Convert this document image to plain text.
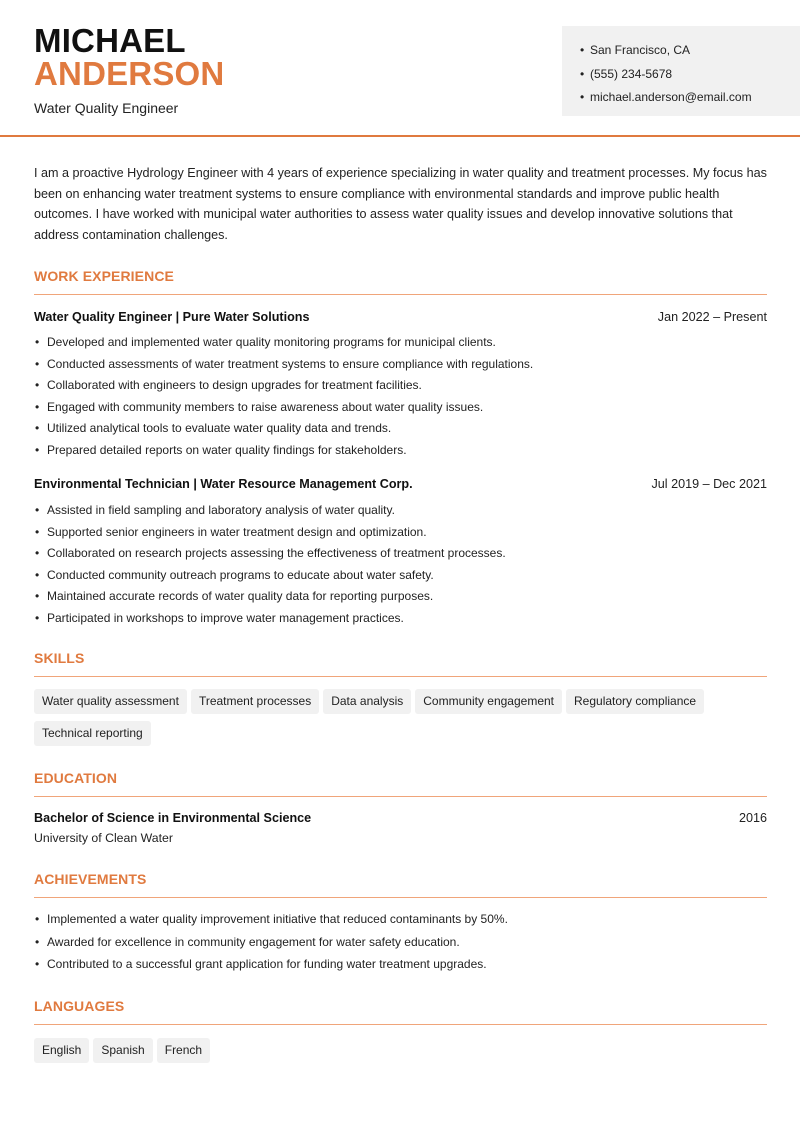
MICHAEL
ANDERSON
Water Quality Engineer
• San Francisco, CA
• (555) 234-5678
• michael.anderson@email.com

I am a proactive Hydrology Engineer with 4 years of experience specializing in water quality and treatment processes. My focus has been on enhancing water treatment systems to ensure compliance with environmental standards and improve public health outcomes. I have worked with municipal water authorities to assess water quality issues and develop innovative solutions that address contamination challenges.

WORK EXPERIENCE
Water Quality Engineer | Pure Water Solutions	Jan 2022 – Present
• Developed and implemented water quality monitoring programs for municipal clients.
• Conducted assessments of water treatment systems to ensure compliance with regulations.
• Collaborated with engineers to design upgrades for treatment facilities.
• Engaged with community members to raise awareness about water quality issues.
• Utilized analytical tools to evaluate water quality data and trends.
• Prepared detailed reports on water quality findings for stakeholders.
Environmental Technician | Water Resource Management Corp.	Jul 2019 – Dec 2021
• Assisted in field sampling and laboratory analysis of water quality.
• Supported senior engineers in water treatment design and optimization.
• Collaborated on research projects assessing the effectiveness of treatment processes.
• Conducted community outreach programs to educate about water safety.
• Maintained accurate records of water quality data for reporting purposes.
• Participated in workshops to improve water management practices.
SKILLS
Water quality assessment Treatment processes Data analysis Community engagement Regulatory compliance
Technical reporting
EDUCATION
Bachelor of Science in Environmental Science	2016
University of Clean Water
ACHIEVEMENTS
• Implemented a water quality improvement initiative that reduced contaminants by 50%.
• Awarded for excellence in community engagement for water safety education.
• Contributed to a successful grant application for funding water treatment upgrades.
LANGUAGES
English Spanish French
